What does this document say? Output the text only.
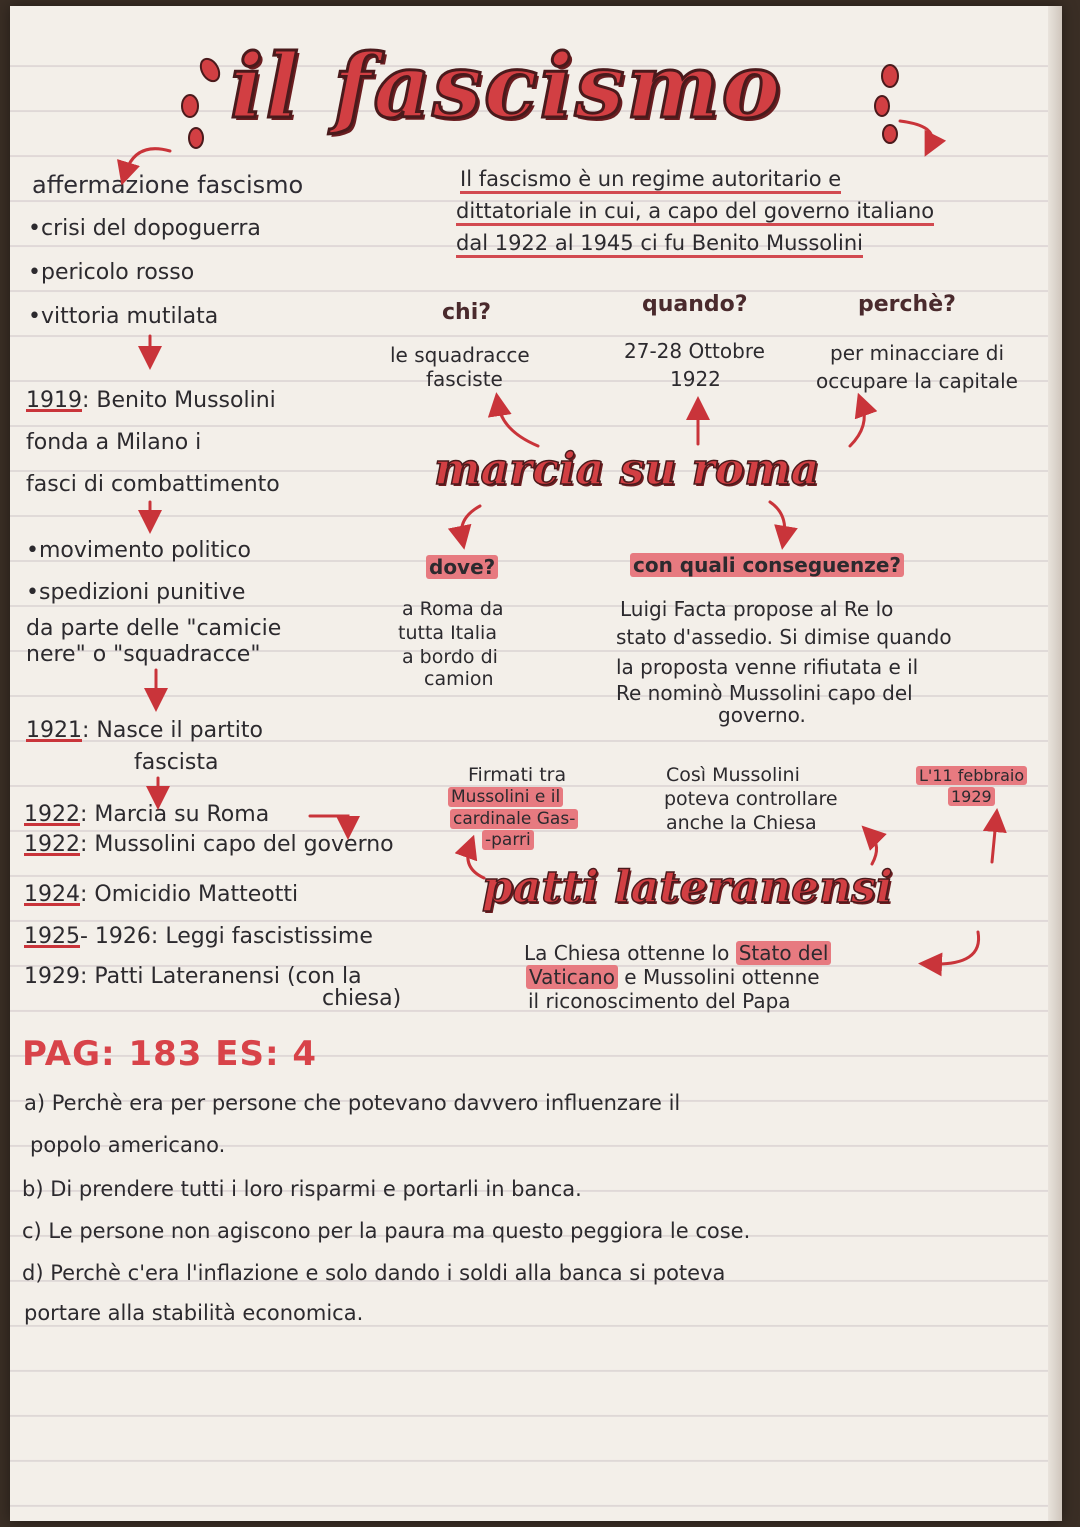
il fascismo
affermazione fascismo
•crisi del dopoguerra
•pericolo rosso
•vittoria mutilata
1919: Benito Mussolini
fonda a Milano i
fasci di combattimento
•movimento politico
•spedizioni punitive
da parte delle "camicie
nere" o "squadracce"
1921: Nasce il partito
fascista
1922: Marcia su Roma
1922: Mussolini capo del governo
1924: Omicidio Matteotti
1925- 1926: Leggi fascistissime
1929: Patti Lateranensi (con la
chiesa)
Il fascismo è un regime autoritario e
dittatoriale in cui, a capo del governo italiano
dal 1922 al 1945 ci fu Benito Mussolini
chi?
le squadracce
fasciste
quando?
27-28 Ottobre
1922
perchè?
per minacciare di
occupare la capitale
marcia su roma
dove?
a Roma da
tutta Italia
a bordo di
camion
con quali conseguenze?
Luigi Facta propose al Re lo
stato d'assedio. Si dimise quando
la proposta venne rifiutata e il
Re nominò Mussolini capo del
governo.
Firmati tra
Mussolini e il
cardinale Gas-
-parri
Così Mussolini
poteva controllare
anche la Chiesa
L'11 febbraio
1929
patti lateranensi
La Chiesa ottenne lo Stato del
Vaticano e Mussolini ottenne
il riconoscimento del Papa
PAG: 183 ES: 4
a) Perchè era per persone che potevano davvero influenzare il
popolo americano.
b) Di prendere tutti i loro risparmi e portarli in banca.
c) Le persone non agiscono per la paura ma questo peggiora le cose.
d) Perchè c'era l'inflazione e solo dando i soldi alla banca si poteva
portare alla stabilità economica.
